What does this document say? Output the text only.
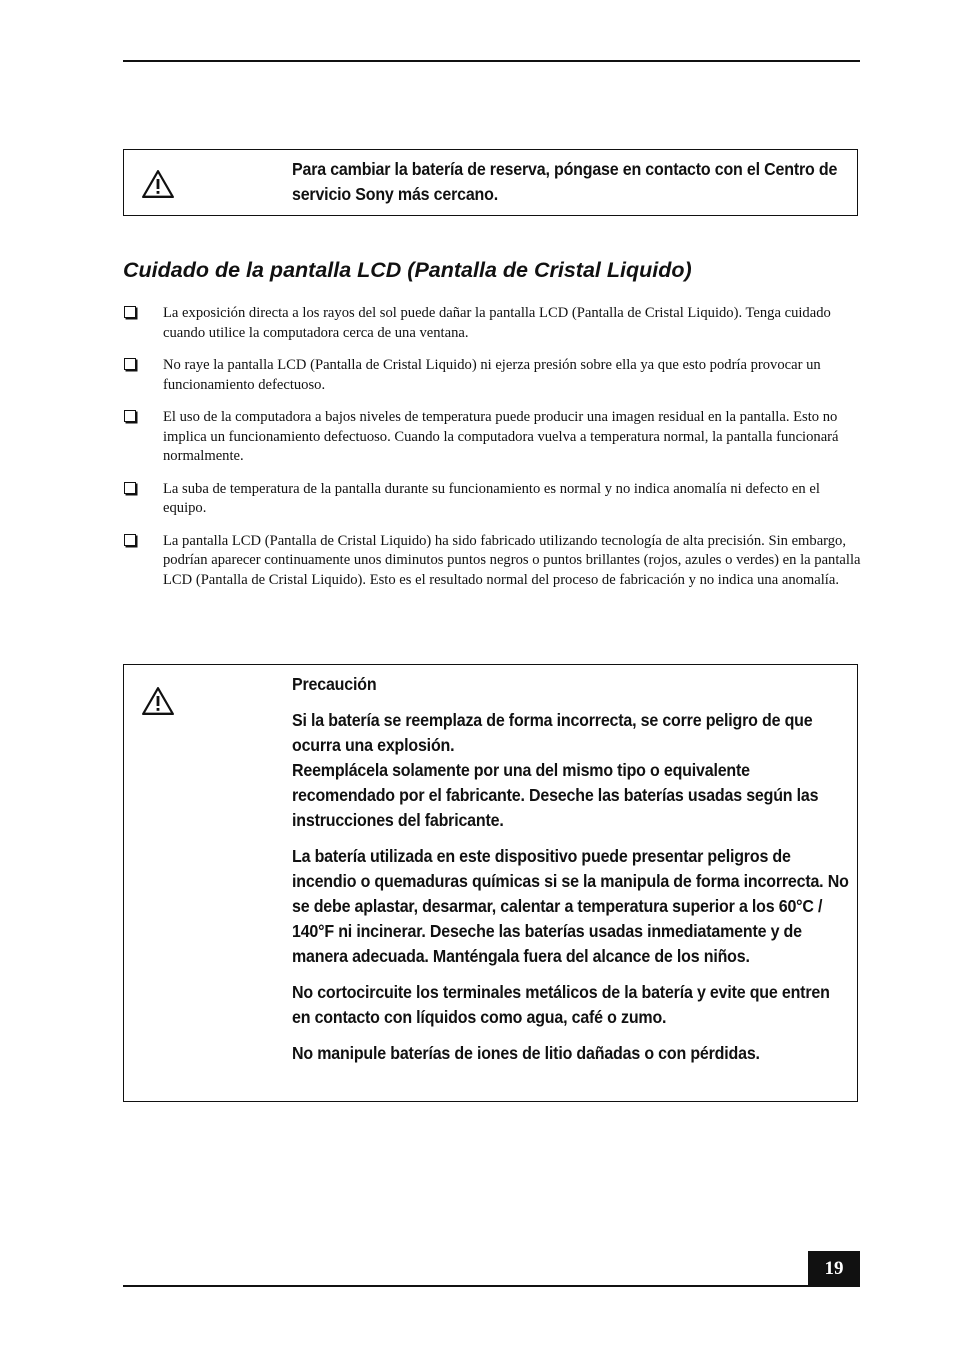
Para cambiar la batería de reserva, póngase en contacto con el Centro de servicio Sony más cercano.

Cuidado de la pantalla LCD (Pantalla de Cristal Liquido)
La exposición directa a los rayos del sol puede dañar la pantalla LCD (Pantalla de Cristal Liquido). Tenga cuidado cuando utilice la computadora cerca de una ventana.
No raye la pantalla LCD (Pantalla de Cristal Liquido) ni ejerza presión sobre ella ya que esto podría provocar un funcionamiento defectuoso.
El uso de la computadora a bajos niveles de temperatura puede producir una imagen residual en la pantalla. Esto no implica un funcionamiento defectuoso. Cuando la computadora vuelva a temperatura normal, la pantalla funcionará normalmente.
La suba de temperatura de la pantalla durante su funcionamiento es normal y no indica anomalía ni defecto en el equipo.
La pantalla LCD (Pantalla de Cristal Liquido) ha sido fabricado utilizando tecnología de alta precisión. Sin embargo, podrían aparecer continuamente unos diminutos puntos negros o puntos brillantes (rojos, azules o verdes) en la pantalla LCD (Pantalla de Cristal Liquido). Esto es el resultado normal del proceso de fabricación y no indica una anomalía.

Precaución

Si la batería se reemplaza de forma incorrecta, se corre peligro de que ocurra una explosión.

Reemplácela solamente por una del mismo tipo o equivalente recomendado por el fabricante. Deseche las baterías usadas según las instrucciones del fabricante.

La batería utilizada en este dispositivo puede presentar peligros de incendio o quemaduras químicas si se la manipula de forma incorrecta. No se debe aplastar, desarmar, calentar a temperatura superior a los 60°C / 140°F ni incinerar. Deseche las baterías usadas inmediatamente y de manera adecuada. Manténgala fuera del alcance de los niños.

No cortocircuite los terminales metálicos de la batería y evite que entren en contacto con líquidos como agua, café o zumo.

No manipule baterías de iones de litio dañadas o con pérdidas.

19
